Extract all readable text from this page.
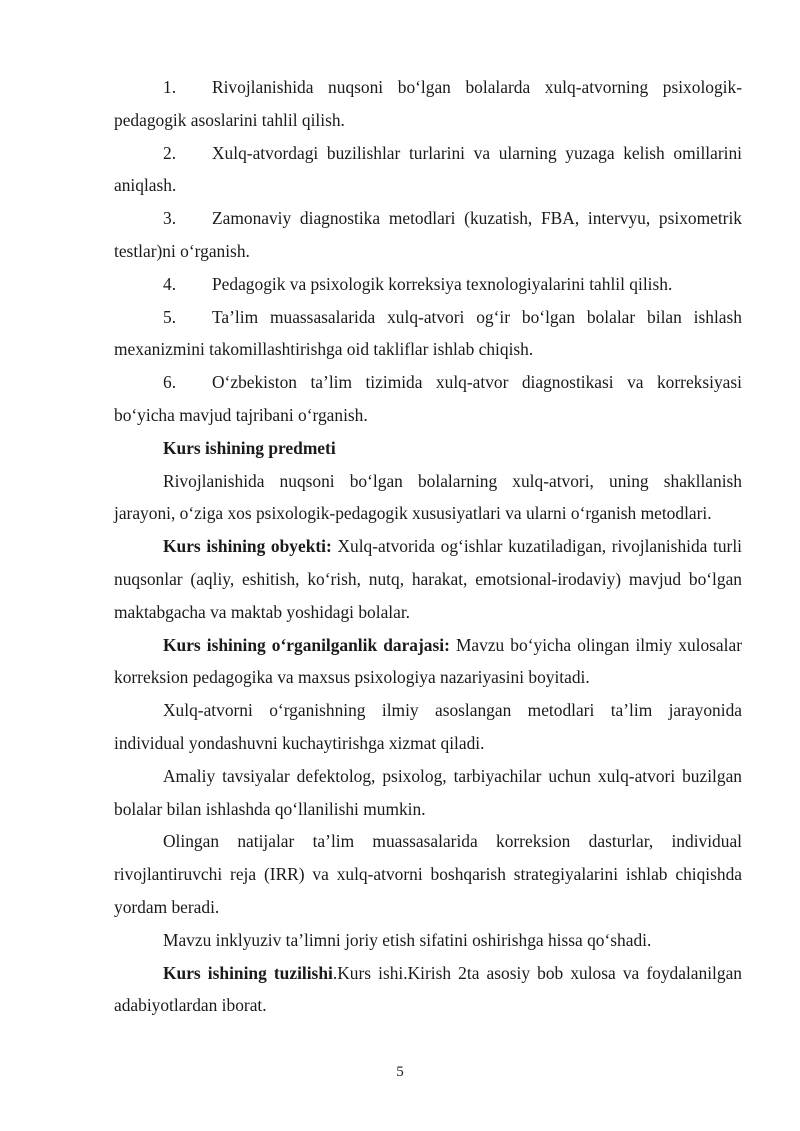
1. Rivojlanishida nuqsoni bo‘lgan bolalarda xulq-atvorning psixologik-pedagogik asoslarini tahlil qilish.

2. Xulq-atvordagi buzilishlar turlarini va ularning yuzaga kelish omillarini aniqlash.

3. Zamonaviy diagnostika metodlari (kuzatish, FBA, intervyu, psixometrik testlar)ni o‘rganish.

4. Pedagogik va psixologik korreksiya texnologiyalarini tahlil qilish.

5. Ta’lim muassasalarida xulq-atvori og‘ir bo‘lgan bolalar bilan ishlash mexanizmini takomillashtirishga oid takliflar ishlab chiqish.

6. O‘zbekiston ta’lim tizimida xulq-atvor diagnostikasi va korreksiyasi bo‘yicha mavjud tajribani o‘rganish.

Kurs ishining predmeti

Rivojlanishida nuqsoni bo‘lgan bolalarning xulq-atvori, uning shakllanish jarayoni, o‘ziga xos psixologik-pedagogik xususiyatlari va ularni o‘rganish metodlari.

Kurs ishining obyekti: Xulq-atvorida og‘ishlar kuzatiladigan, rivojlanishida turli nuqsonlar (aqliy, eshitish, ko‘rish, nutq, harakat, emotsional-irodaviy) mavjud bo‘lgan maktabgacha va maktab yoshidagi bolalar.

Kurs ishining o‘rganilganlik darajasi: Mavzu bo‘yicha olingan ilmiy xulosalar korreksion pedagogika va maxsus psixologiya nazariyasini boyitadi.

Xulq-atvorni o‘rganishning ilmiy asoslangan metodlari ta’lim jarayonida individual yondashuvni kuchaytirishga xizmat qiladi.

Amaliy tavsiyalar defektolog, psixolog, tarbiyachilar uchun xulq-atvori buzilgan bolalar bilan ishlashda qo‘llanilishi mumkin.

Olingan natijalar ta’lim muassasalarida korreksion dasturlar, individual rivojlantiruvchi reja (IRR) va xulq-atvorni boshqarish strategiyalarini ishlab chiqishda yordam beradi.

Mavzu inklyuziv ta’limni joriy etish sifatini oshirishga hissa qo‘shadi.

Kurs ishining tuzilishi.Kurs ishi.Kirish 2ta asosiy bob xulosa va foydalanilgan adabiyotlardan iborat.

5
